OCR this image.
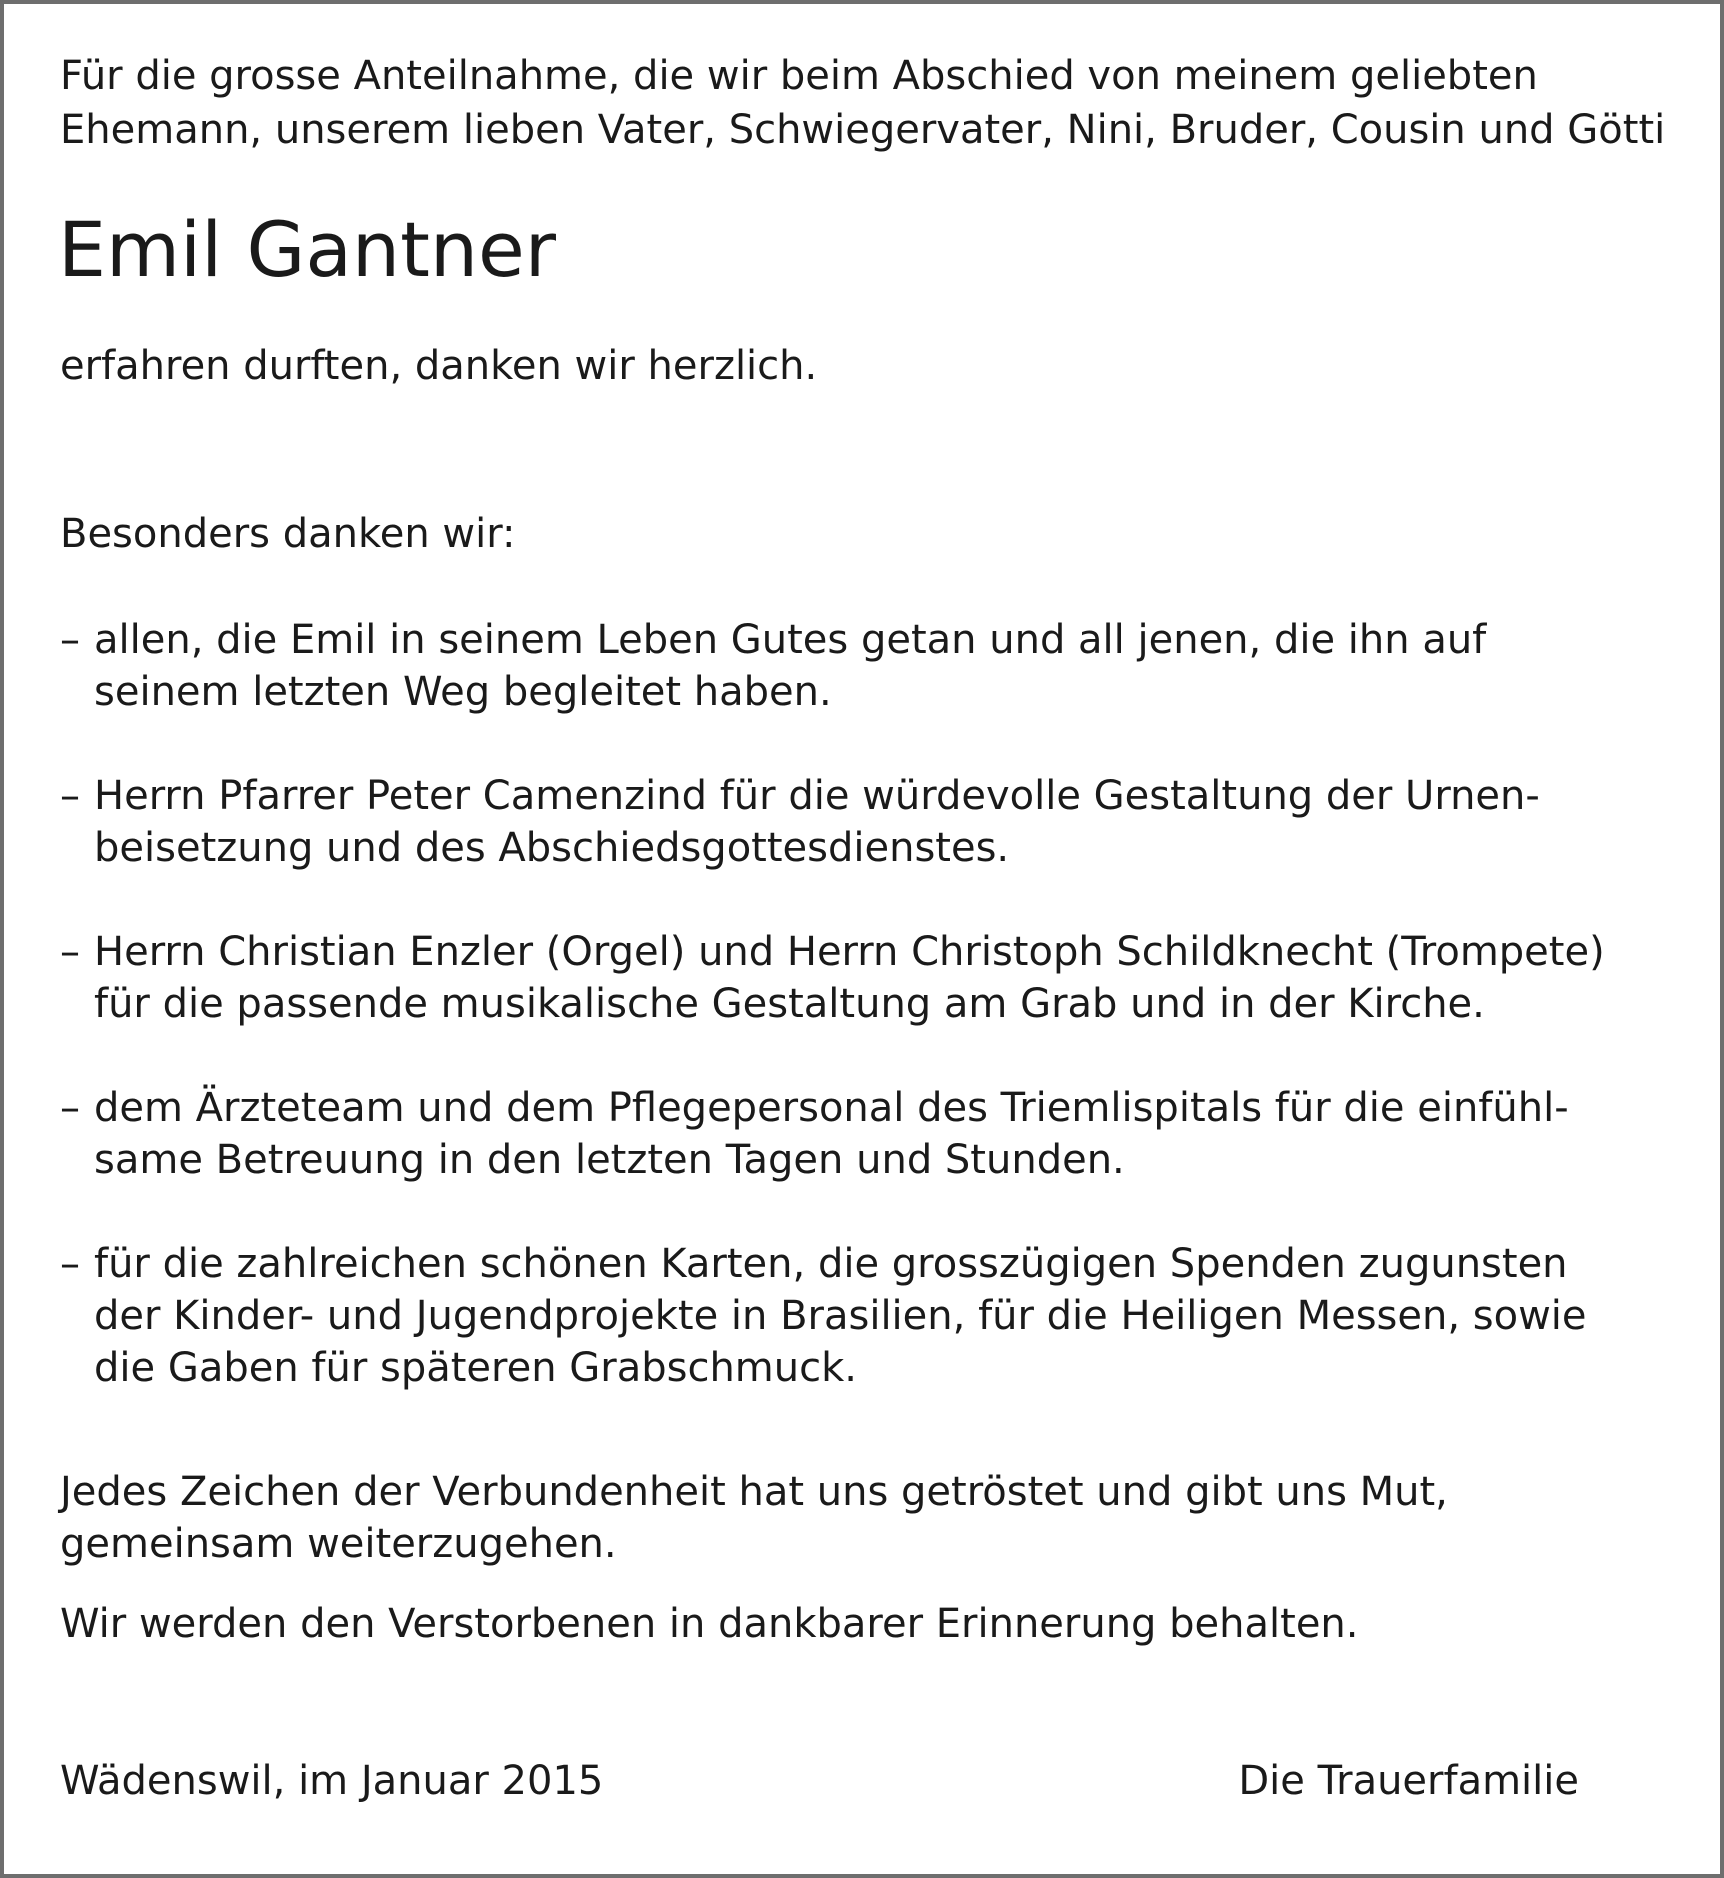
Für die grosse Anteilnahme, die wir beim Abschied von meinem geliebten

Ehemann, unserem lieben Vater, Schwiegervater, Nini, Bruder, Cousin und Götti

Emil Gantner

erfahren durften, danken wir herzlich.

Besonders danken wir:

– allen, die Emil in seinem Leben Gutes getan und all jenen, die ihn auf
seinem letzten Weg begleitet haben.
– Herrn Pfarrer Peter Camenzind für die würdevolle Gestaltung der Urnen-
beisetzung und des Abschiedsgottesdienstes.
– Herrn Christian Enzler (Orgel) und Herrn Christoph Schildknecht (Trompete)
für die passende musikalische Gestaltung am Grab und in der Kirche.
– dem Ärzteteam und dem Pflegepersonal des Triemlispitals für die einfühl-
same Betreuung in den letzten Tagen und Stunden.
– für die zahlreichen schönen Karten, die grosszügigen Spenden zugunsten
der Kinder- und Jugendprojekte in Brasilien, für die Heiligen Messen, sowie
die Gaben für späteren Grabschmuck.

Jedes Zeichen der Verbundenheit hat uns getröstet und gibt uns Mut,

gemeinsam weiterzugehen.

Wir werden den Verstorbenen in dankbarer Erinnerung behalten.

Wädenswil, im Januar 2015	Die Trauerfamilie
